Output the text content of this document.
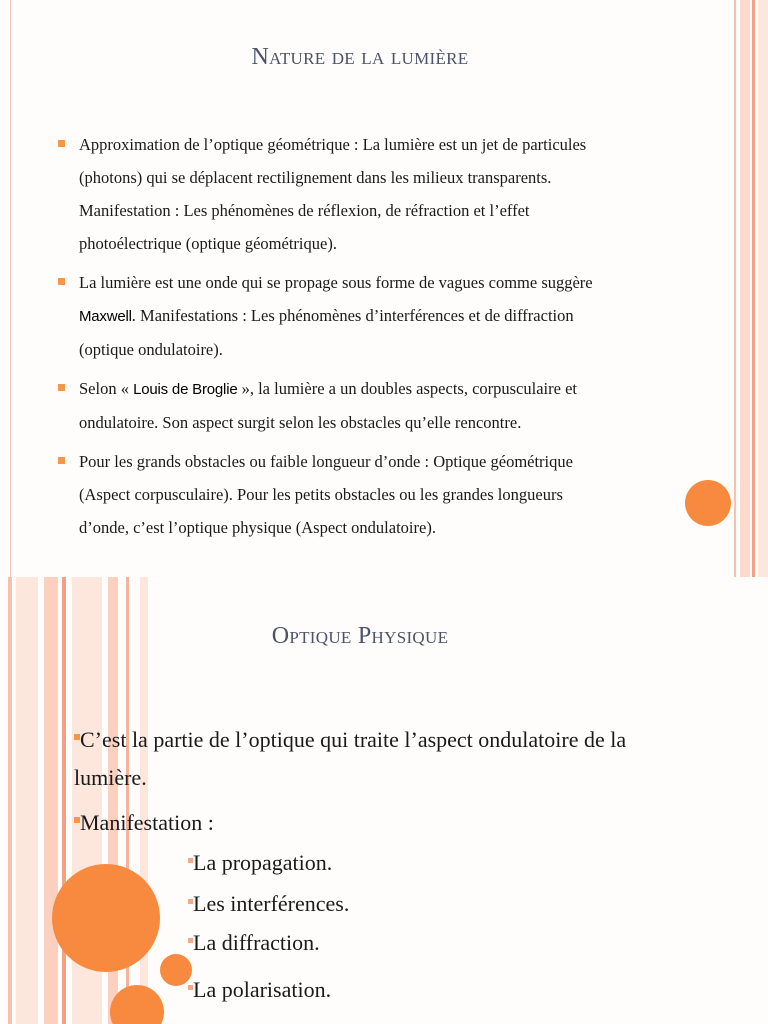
Nature de la lumière
Approximation de l’optique géométrique : La lumière est un jet de particules
(photons) qui se déplacent rectilignement dans les milieux transparents.
Manifestation : Les phénomènes de réflexion, de réfraction et l’effet
photoélectrique (optique géométrique).
La lumière est une onde qui se propage sous forme de vagues comme suggère
Maxwell. Manifestations : Les phénomènes d’interférences et de diffraction
(optique ondulatoire).
Selon « Louis de Broglie », la lumière a un doubles aspects, corpusculaire et
ondulatoire. Son aspect surgit selon les obstacles qu’elle rencontre.
Pour les grands obstacles ou faible longueur d’onde : Optique géométrique
(Aspect corpusculaire). Pour les petits obstacles ou les grandes longueurs
d’onde, c’est l’optique physique (Aspect ondulatoire).
Optique Physique
C’est la partie de l’optique qui traite l’aspect ondulatoire de la
lumière.
Manifestation :
La propagation.
Les interférences.
La diffraction.
La polarisation.
